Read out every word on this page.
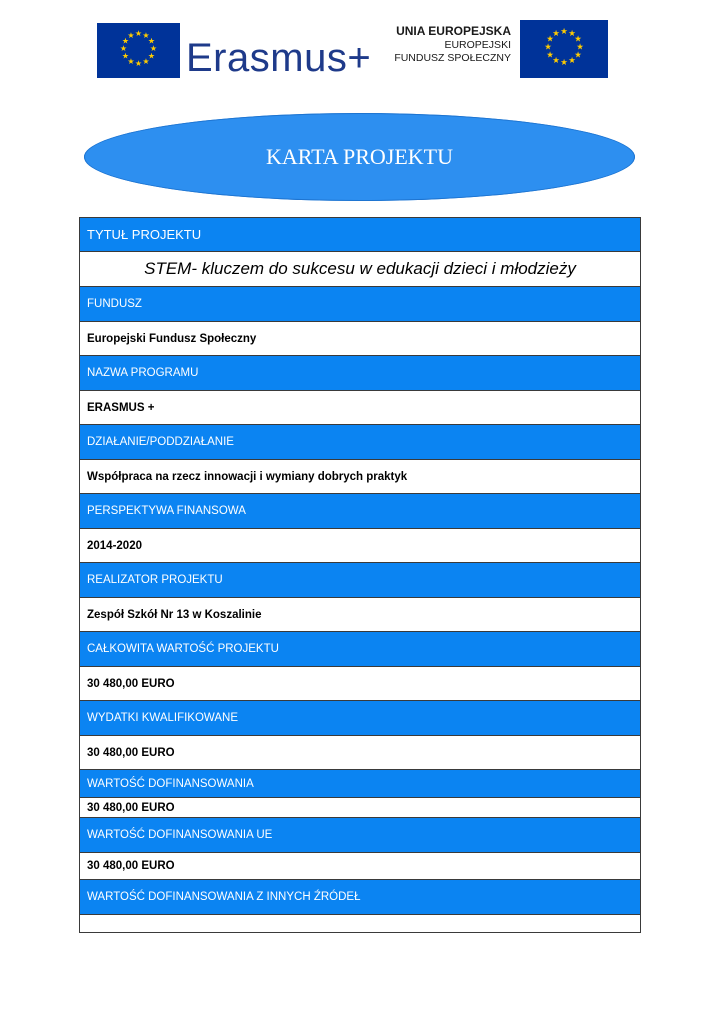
★ ★
★
★
★
★
★
★
★
★
★
★
Erasmus+
UNIA EUROPEJSKA
EUROPEJSKI
FUNDUSZ SPOŁECZNY
★ ★
★
★
★
★
★
★
★
★
★
★
KARTA PROJEKTU
TYTUŁ PROJEKTU
STEM- kluczem do sukcesu w edukacji dzieci i młodzieży
FUNDUSZ
Europejski Fundusz Społeczny
NAZWA PROGRAMU
ERASMUS +
DZIAŁANIE/PODDZIAŁANIE
Współpraca na rzecz innowacji i wymiany dobrych praktyk
PERSPEKTYWA FINANSOWA
2014-2020
REALIZATOR PROJEKTU
Zespół Szkół Nr 13 w Koszalinie
CAŁKOWITA WARTOŚĆ PROJEKTU
30 480,00 EURO
WYDATKI KWALIFIKOWANE
30 480,00 EURO
WARTOŚĆ DOFINANSOWANIA
30 480,00 EURO
WARTOŚĆ DOFINANSOWANIA UE
30 480,00 EURO
WARTOŚĆ DOFINANSOWANIA Z INNYCH ŹRÓDEŁ
